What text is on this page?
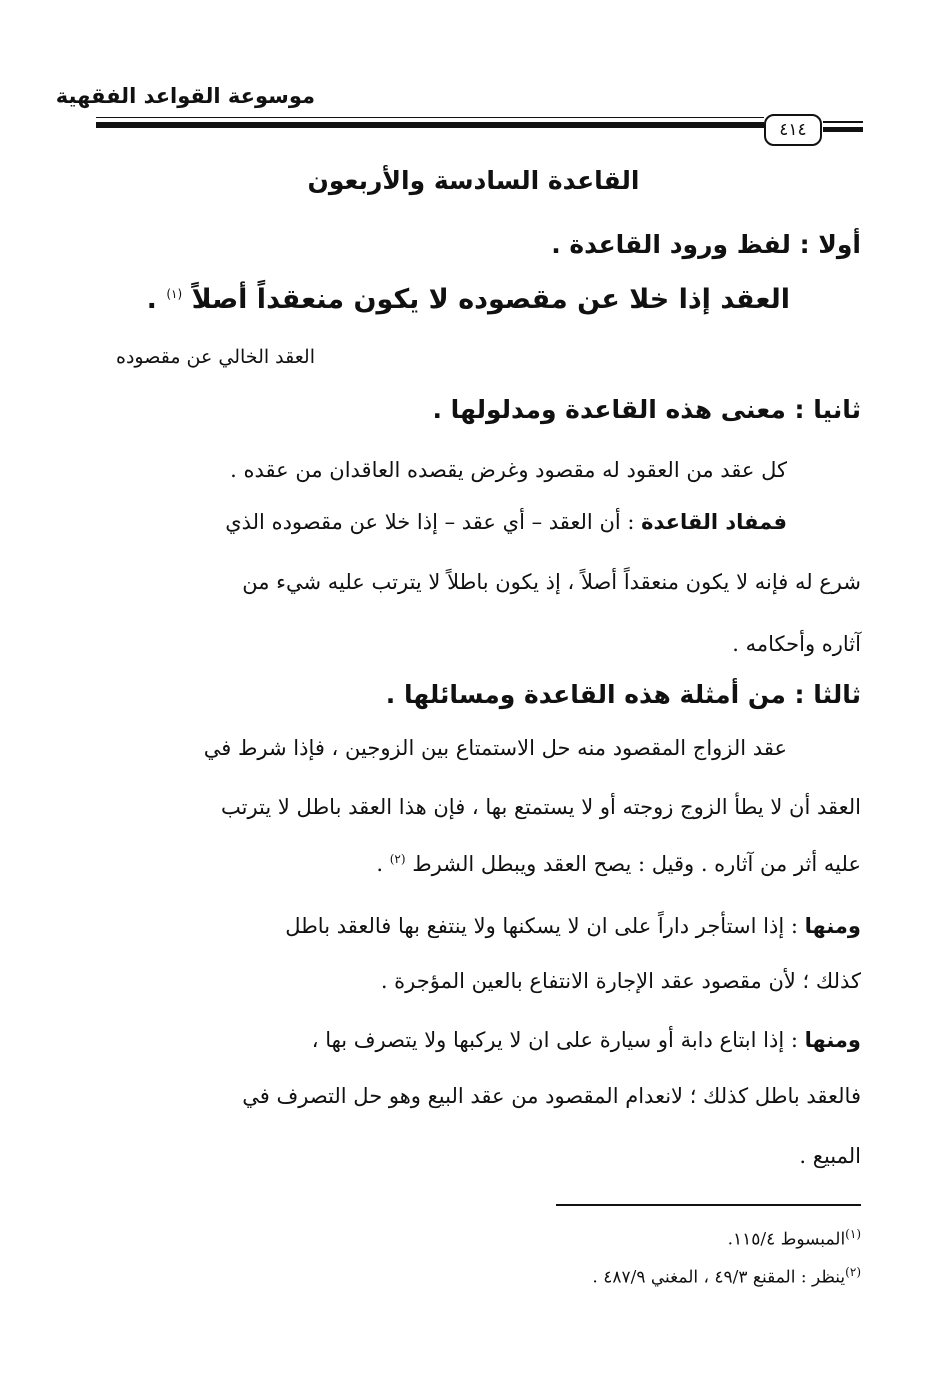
موسوعة القواعد الفقهية
٤١٤
القاعدة السادسة والأربعون
أولا : لفظ ورود القاعدة .
العقد إذا خلا عن مقصوده لا يكون منعقداً أصلاً $^{(١)}$ .
العقد الخالي عن مقصوده
ثانيا : معنى هذه القاعدة ومدلولها .
كل عقد من العقود له مقصود وغرض يقصده العاقدان من عقده .
فمفاد القاعدة : أن العقد – أي عقد – إذا خلا عن مقصوده الذي
شرع له فإنه لا يكون منعقداً أصلاً ، إذ يكون باطلاً لا يترتب عليه شيء من
آثاره وأحكامه .
ثالثا : من أمثلة هذه القاعدة ومسائلها .
عقد الزواج المقصود منه حل الاستمتاع بين الزوجين ، فإذا شرط في
العقد أن لا يطأ الزوج زوجته أو لا يستمتع بها ، فإن هذا العقد باطل لا يترتب
عليه أثر من آثاره . وقيل : يصح العقد ويبطل الشرط $^{(٢)}$ .
ومنها : إذا استأجر داراً على ان لا يسكنها ولا ينتفع بها فالعقد باطل
كذلك ؛ لأن مقصود عقد الإجارة الانتفاع بالعين المؤجرة .
ومنها : إذا ابتاع دابة أو سيارة على ان لا يركبها ولا يتصرف بها ،
فالعقد باطل كذلك ؛ لانعدام المقصود من عقد البيع وهو حل التصرف في
المبيع .
$^{(١)}$المبسوط ١١٥/٤.
$^{(٢)}$ينظر : المقنع ٤٩/٣ ، المغني ٤٨٧/٩ .
